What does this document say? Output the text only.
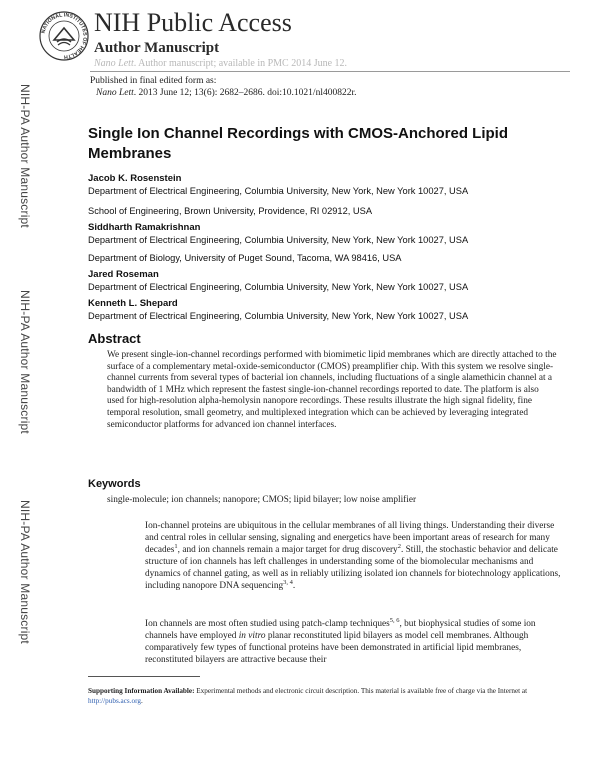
NATIONAL INSTITUTES OF HEALTH
NIH Public Access
Author Manuscript
Nano Lett. Author manuscript; available in PMC 2014 June 12.
Published in final edited form as:
Nano Lett. 2013 June 12; 13(6): 2682–2686. doi:10.1021/nl400822r.
NIH-PA Author Manuscript
NIH-PA Author Manuscript
NIH-PA Author Manuscript
Single Ion Channel Recordings with CMOS-Anchored Lipid Membranes
Jacob K. Rosenstein
Department of Electrical Engineering, Columbia University, New York, New York 10027, USA
School of Engineering, Brown University, Providence, RI 02912, USA
Siddharth Ramakrishnan
Department of Electrical Engineering, Columbia University, New York, New York 10027, USA
Department of Biology, University of Puget Sound, Tacoma, WA 98416, USA
Jared Roseman
Department of Electrical Engineering, Columbia University, New York, New York 10027, USA
Kenneth L. Shepard
Department of Electrical Engineering, Columbia University, New York, New York 10027, USA
Abstract
We present single-ion-channel recordings performed with biomimetic lipid membranes which are directly attached to the surface of a complementary metal-oxide-semiconductor (CMOS) preamplifier chip. With this system we resolve single-channel currents from several types of bacterial ion channels, including fluctuations of a single alamethicin channel at a bandwidth of 1 MHz which represent the fastest single-ion-channel recordings reported to date. The platform is also used for high-resolution alpha-hemolysin nanopore recordings. These results illustrate the high signal fidelity, fine temporal resolution, small geometry, and multiplexed integration which can be achieved by leveraging integrated semiconductor platforms for advanced ion channel interfaces.
Keywords
single-molecule; ion channels; nanopore; CMOS; lipid bilayer; low noise amplifier
Ion-channel proteins are ubiquitous in the cellular membranes of all living things. Understanding their diverse and central roles in cellular sensing, signaling and energetics have been important areas of research for many decades$^1$, and ion channels remain a major target for drug discovery$^2$. Still, the stochastic behavior and delicate structure of ion channels has left challenges in understanding some of the biomolecular mechanisms and dynamics of channel gating, as well as in reliably utilizing isolated ion channels for biotechnology applications, including nanopore DNA sequencing$^{3, 4}$.
Ion channels are most often studied using patch-clamp techniques$^{5, 6}$, but biophysical studies of some ion channels have employed in vitro planar reconstituted lipid bilayers as model cell membranes. Although comparatively few types of functional proteins have been demonstrated in artificial lipid membranes, reconstituted bilayers are attractive because their
Supporting Information Available: Experimental methods and electronic circuit description. This material is available free of charge via the Internet at http://pubs.acs.org.
